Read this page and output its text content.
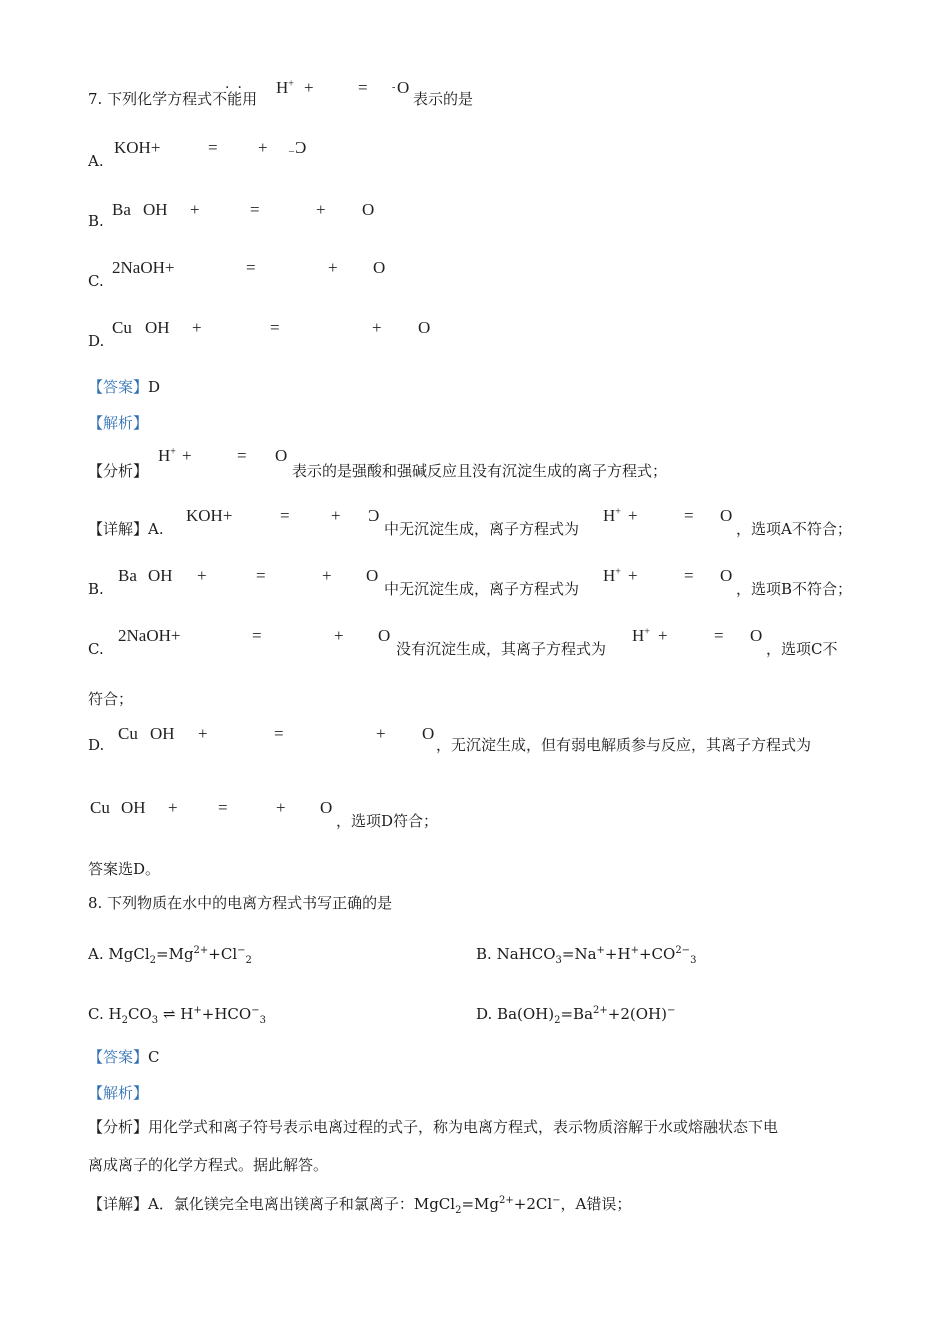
7. 下列化学方程式不能用
·· H+ +	= - O
表示的是
A.
KOH+	= + _ Ɔ
B.
Ba OH +	=	+ O
C.
2NaOH+	=	+ O
D.
Cu OH +	=	+ O
【答案】D
【解析】
【分析】
H+ +	= O
表示的是强酸和强碱反应且没有沉淀生成的离子方程式；
【详解】A.
KOH+	= + Ɔ
中无沉淀生成，离子方程式为
H+ +	= O
，选项A不符合；
B.
Ba OH +	=	+ O
中无沉淀生成，离子方程式为
H+ +	= O
，选项B不符合；
C.
2NaOH+	=	+ O
没有沉淀生成，其离子方程式为
H+ +	= O
，选项C不
符合；
D.
Cu OH +	=	+ O
，无沉淀生成，但有弱电解质参与反应，其离子方程式为
Cu OH + =	+ O
，选项D符合；
答案选D。
8. 下列物质在水中的电离方程式书写正确的是
A. $MgCl_2=Mg^{2+}+Cl^-_2$	B. $NaHCO_3=Na^++H^++CO^{2-}_3$
C. $H_2CO_3$ ⇌ $H^++HCO^-_3$	D. $Ba(OH)_2=Ba^{2+}+2(OH)^-$
【答案】C
【解析】
【分析】用化学式和离子符号表示电离过程的式子，称为电离方程式，表示物质溶解于水或熔融状态下电
离成离子的化学方程式。据此解答。
【详解】A．氯化镁完全电离出镁离子和氯离子：$MgCl_2=Mg^{2+}+2Cl^-$，A错误；
